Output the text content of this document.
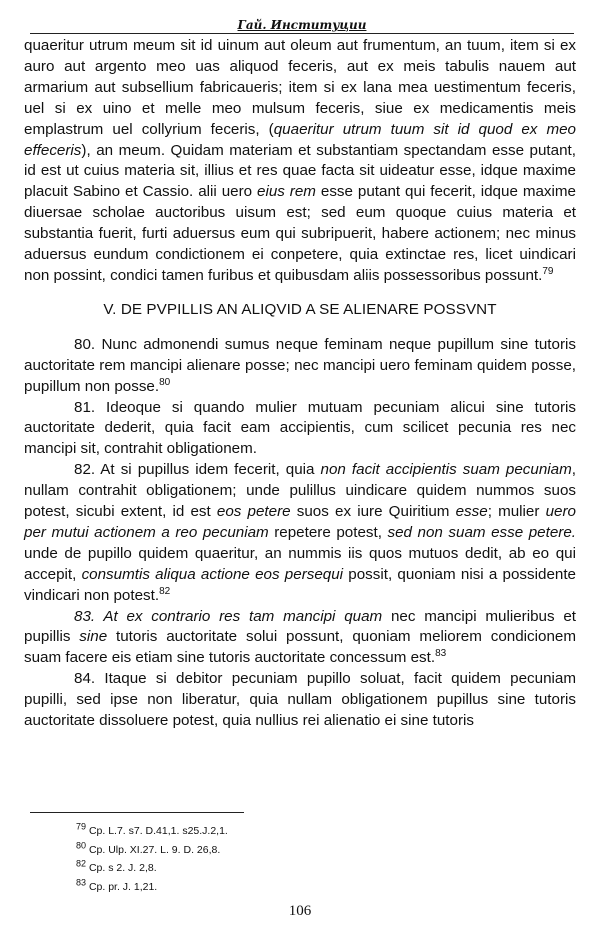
Гай. Институции

quaeritur utrum meum sit id uinum aut oleum aut frumentum, an tuum, item si ex auro aut argento meo uas aliquod feceris, aut ex meis tabulis nauem aut armarium aut subsellium fabricaueris; item si ex lana mea uestimentum feceris, uel si ex uino et melle meo mulsum feceris, siue ex medicamentis meis emplastrum uel collyrium feceris, (quaeritur utrum tuum sit id quod ex meo effeceris), an meum. Quidam materiam et substantiam spectandam esse putant, id est ut cuius materia sit, illius et res quae facta sit uideatur esse, idque maxime placuit Sabino et Cassio. alii uero eius rem esse putant qui fecerit, idque maxime diuersae scholae auctoribus uisum est; sed eum quoque cuius materia et substantia fuerit, furti aduersus eum qui subripuerit, habere actionem; nec minus aduersus eundum condictionem ei conpetere, quia extinctae res, licet uindicari non possint, condici tamen furibus et quibusdam aliis possessoribus possunt.$^{79}$

V. DE PVPILLIS AN ALIQVID A SE ALIENARE POSSVNT

80. Nunc admonendi sumus neque feminam neque pupillum sine tutoris auctoritate rem mancipi alienare posse; nec mancipi uero feminam quidem posse, pupillum non posse.$^{80}$

81. Ideoque si quando mulier mutuam pecuniam alicui sine tutoris auctoritate dederit, quia facit eam accipientis, cum scilicet pecunia res nec mancipi sit, contrahit obligationem.

82. At si pupillus idem fecerit, quia non facit accipientis suam pecuniam, nullam contrahit obligationem; unde pulillus uindicare quidem nummos suos potest, sicubi extent, id est eos petere suos ex iure Quiritium esse; mulier uero per mutui actionem a reo pecuniam repetere potest, sed non suam esse petere. unde de pupillo quidem quaeritur, an nummis iis quos mutuos dedit, ab eo qui accepit, consumtis aliqua actione eos persequi possit, quoniam nisi a possidente vindicari non potest.$^{82}$

83. At ex contrario res tam mancipi quam nec mancipi mulieribus et pupillis sine tutoris auctoritate solui possunt, quoniam meliorem condicionem suam facere eis etiam sine tutoris auctoritate concessum est.$^{83}$

84. Itaque si debitor pecuniam pupillo soluat, facit quidem pecuniam pupilli, sed ipse non liberatur, quia nullam obligationem pupillus sine tutoris auctoritate dissoluere potest, quia nullius rei alienatio ei sine tutoris

$^{79}$ Cp. L.7. s7. D.41,1. s25.J.2,1.
$^{80}$ Cp. Ulp. XI.27. L. 9. D. 26,8.
$^{82}$ Cp. s 2. J. 2,8.
$^{83}$ Cp. pr. J. 1,21.
106
